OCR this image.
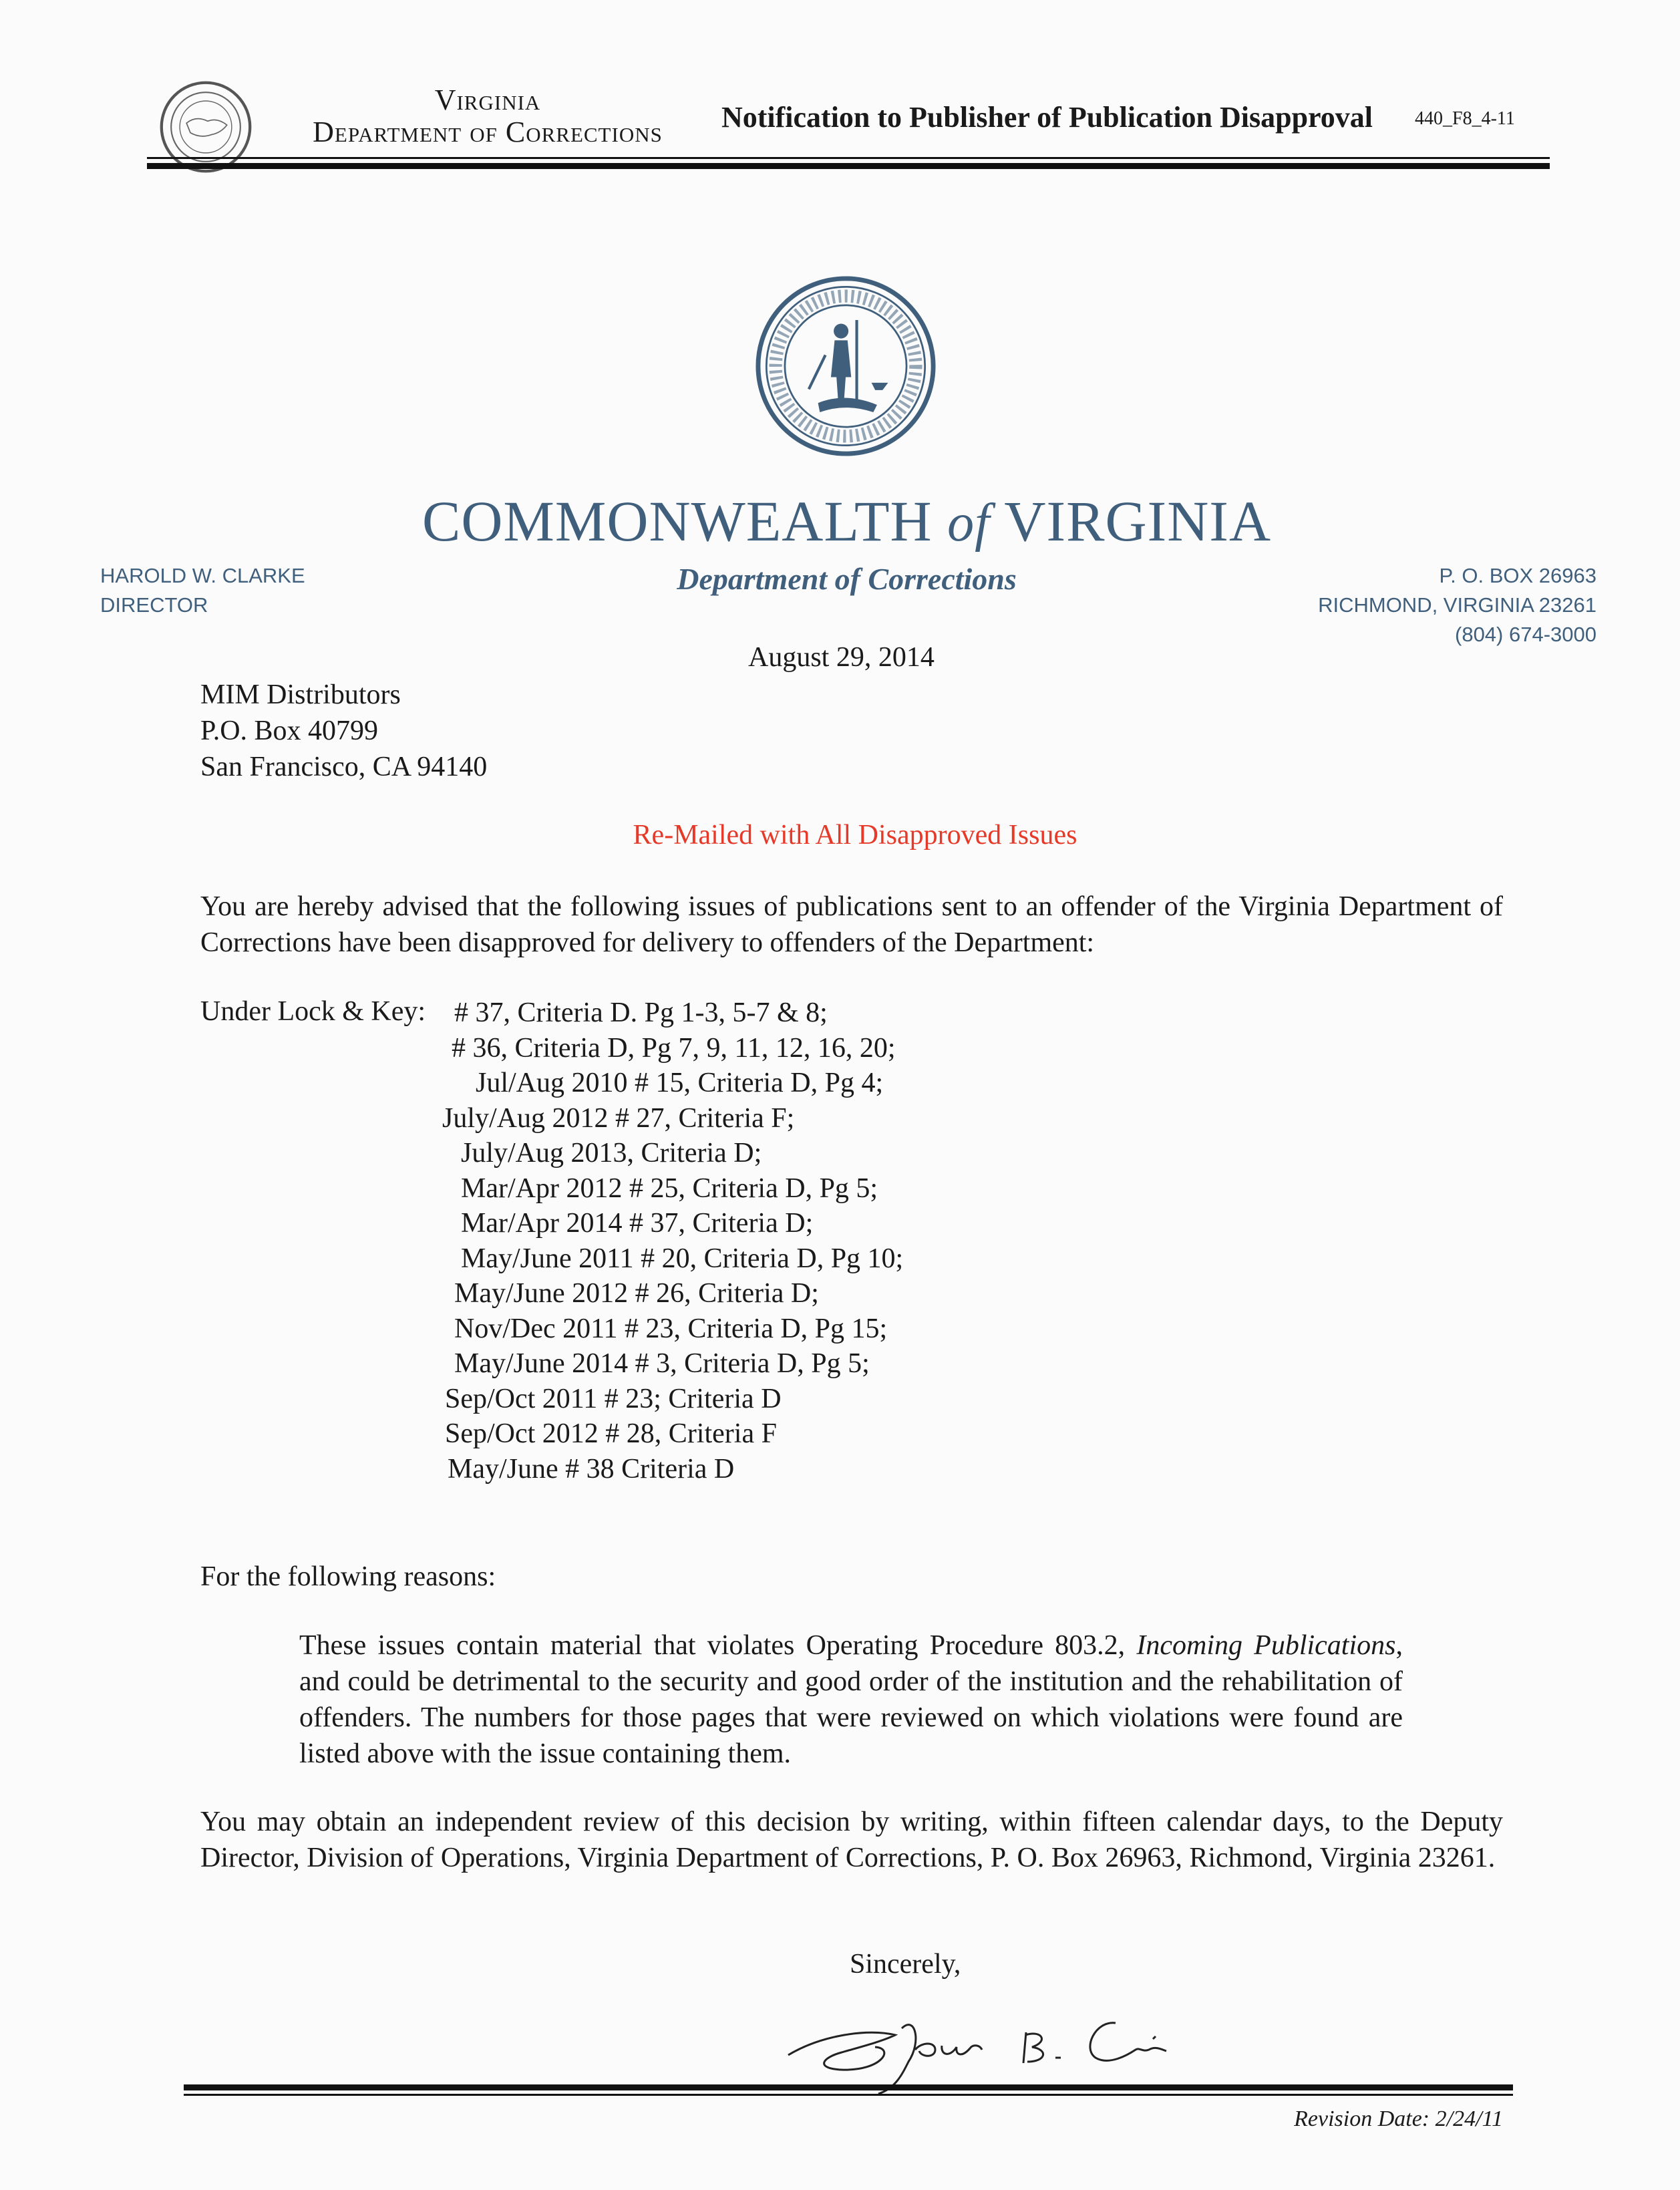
Virginia
Department of Corrections	Notification to Publisher of Publication Disapproval 440_F8_4-11
COMMONWEALTH of VIRGINIA
Department of Corrections
HAROLD W. CLARKE
DIRECTOR
P. O. BOX 26963
RICHMOND, VIRGINIA 23261
(804) 674-3000
August 29, 2014
MIM Distributors
P.O. Box 40799
San Francisco, CA 94140
Re-Mailed with All Disapproved Issues
You are hereby advised that the following issues of publications sent to an offender of the Virginia Department of Corrections have been disapproved for delivery to offenders of the Department:
Under Lock & Key:	# 37, Criteria D. Pg 1-3, 5-7 & 8;
# 36, Criteria D, Pg 7, 9, 11, 12, 16, 20;
Jul/Aug 2010 # 15, Criteria D, Pg 4;
July/Aug 2012 # 27, Criteria F;
July/Aug 2013, Criteria D;
Mar/Apr 2012 # 25, Criteria D, Pg 5;
Mar/Apr 2014 # 37, Criteria D;
May/June 2011 # 20, Criteria D, Pg 10;
May/June 2012 # 26, Criteria D;
Nov/Dec 2011 # 23, Criteria D, Pg 15;
May/June 2014 # 3, Criteria D, Pg 5;
Sep/Oct 2011 # 23; Criteria D
Sep/Oct 2012 # 28, Criteria F
May/June # 38 Criteria D
For the following reasons:
These issues contain material that violates Operating Procedure 803.2, Incoming Publications, and could be detrimental to the security and good order of the institution and the rehabilitation of offenders. The numbers for those pages that were reviewed on which violations were found are listed above with the issue containing them.
You may obtain an independent review of this decision by writing, within fifteen calendar days, to the Deputy Director, Division of Operations, Virginia Department of Corrections, P. O. Box 26963, Richmond, Virginia 23261.
Sincerely,
Revision Date: 2/24/11
